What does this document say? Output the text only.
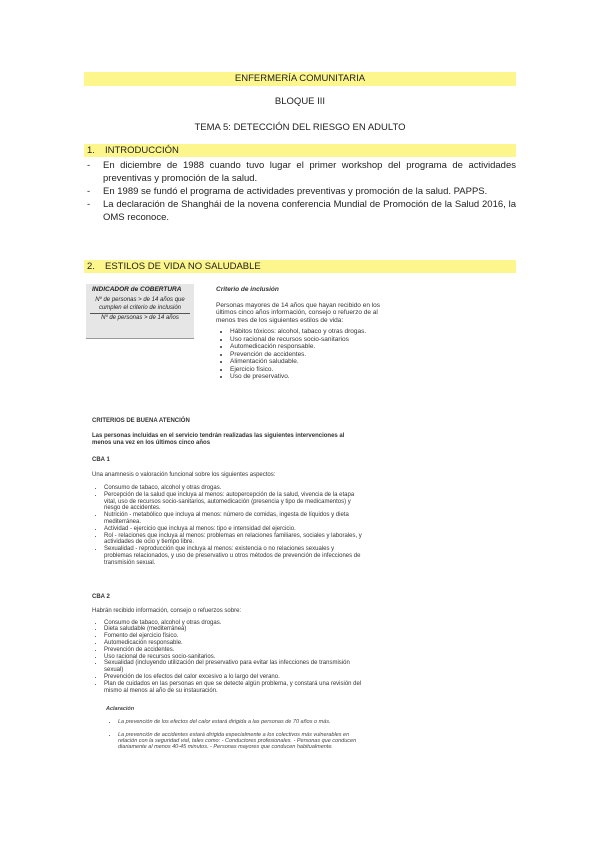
ENFERMERÍA COMUNITARIA
BLOQUE III
TEMA 5: DETECCIÓN DEL RIESGO EN ADULTO
1. INTRODUCCIÓN

- En diciembre de 1988 cuando tuvo lugar el primer workshop del programa de actividades preventivas y promoción de la salud.

- En 1989 se fundó el programa de actividades preventivas y promoción de la salud. PAPPS.

- La declaración de Shanghái de la novena conferencia Mundial de Promoción de la Salud 2016, la OMS reconoce.

2. ESTILOS DE VIDA NO SALUDABLE
INDICADOR de COBERTURA
Nº de personas > de 14 años que cumplen el criterio de inclusión
Nº de personas > de 14 años
Criterio de inclusión
Personas mayores de 14 años que hayan recibido en los últimos cinco años información, consejo o refuerzo de al menos tres de los siguientes estilos de vida:
• Hábitos tóxicos: alcohol, tabaco y otras drogas.
• Uso racional de recursos socio-sanitarios
• Automedicación responsable.
• Prevención de accidentes.
• Alimentación saludable.
• Ejercicio físico.
• Uso de preservativo.
CRITERIOS DE BUENA ATENCIÓN
Las personas incluidas en el servicio tendrán realizadas las siguientes intervenciones al menos una vez en los últimos cinco años
CBA 1
Una anamnesis o valoración funcional sobre los siguientes aspectos:
• Consumo de tabaco, alcohol y otras drogas.
• Percepción de la salud que incluya al menos: autopercepción de la salud, vivencia de la etapa vital, uso de recursos socio-sanitarios, automedicación (presencia y tipo de medicamentos) y riesgo de accidentes.
• Nutrición - metabólico que incluya al menos: número de comidas, ingesta de líquidos y dieta mediterránea.
• Actividad - ejercicio que incluya al menos: tipo e intensidad del ejercicio.
• Rol - relaciones que incluya al menos: problemas en relaciones familiares, sociales y laborales, y actividades de ocio y tiempo libre.
• Sexualidad - reproducción que incluya al menos: existencia o no relaciones sexuales y problemas relacionados, y uso de preservativo u otros métodos de prevención de infecciones de transmisión sexual.
CBA 2
Habrán recibido información, consejo o refuerzos sobre:
• Consumo de tabaco, alcohol y otras drogas.
• Dieta saludable (mediterránea)
• Fomento del ejercicio físico.
• Automedicación responsable.
• Prevención de accidentes.
• Uso racional de recursos socio-sanitarios.
• Sexualidad (incluyendo utilización del preservativo para evitar las infecciones de transmisión sexual)
• Prevención de los efectos del calor excesivo a lo largo del verano.
• Plan de cuidados en las personas en que se detecte algún problema, y constará una revisión del mismo al menos al año de su instauración.
Aclaración
• La prevención de los efectos del calor estará dirigida a las personas de 70 años o más.
• La prevención de accidentes estará dirigida especialmente a los colectivos más vulnerables en relación con la seguridad vial, tales como: - Conductores profesionales. - Personas que conducen diariamente al menos 40-45 minutos. - Personas mayores que conducen habitualmente.
